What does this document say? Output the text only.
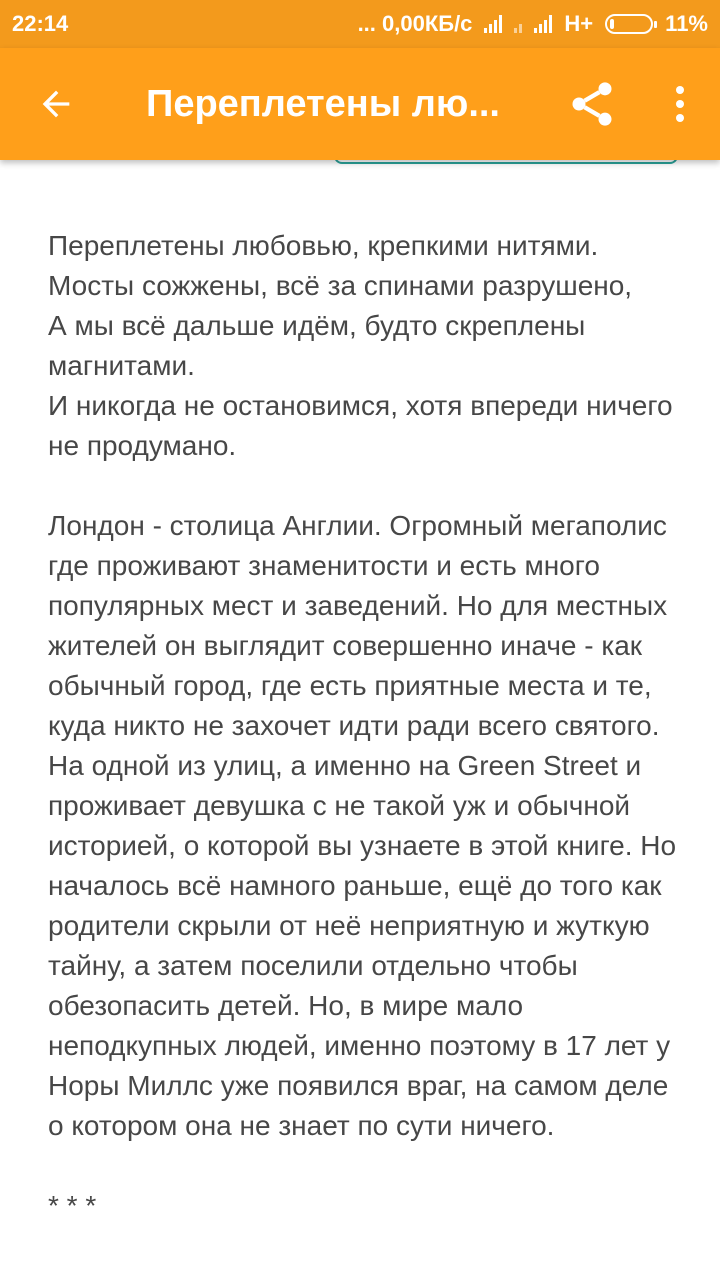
22:14	... 0,00КБ/с	H+	11%
Переплетены лю...

Переплетены любовью, крепкими нитями.
Мосты сожжены, всё за спинами разрушено,
А мы всё дальше идём, будто скреплены магнитами.
И никогда не остановимся, хотя впереди ничего не продумано.

Лондон - столица Англии. Огромный мегаполис где проживают знаменитости и есть много популярных мест и заведений. Но для местных жителей он выглядит совершенно иначе - как обычный город, где есть приятные места и те, куда никто не захочет идти ради всего святого.
На одной из улиц, а именно на Green Street и проживает девушка с не такой уж и обычной историей, о которой вы узнаете в этой книге. Но началось всё намного раньше, ещё до того как родители скрыли от неё неприятную и жуткую тайну, а затем поселили отдельно чтобы обезопасить детей. Но, в мире мало неподкупных людей, именно поэтому в 17 лет у Норы Миллс уже появился враг, на самом деле о котором она не знает по сути ничего.

* * *
